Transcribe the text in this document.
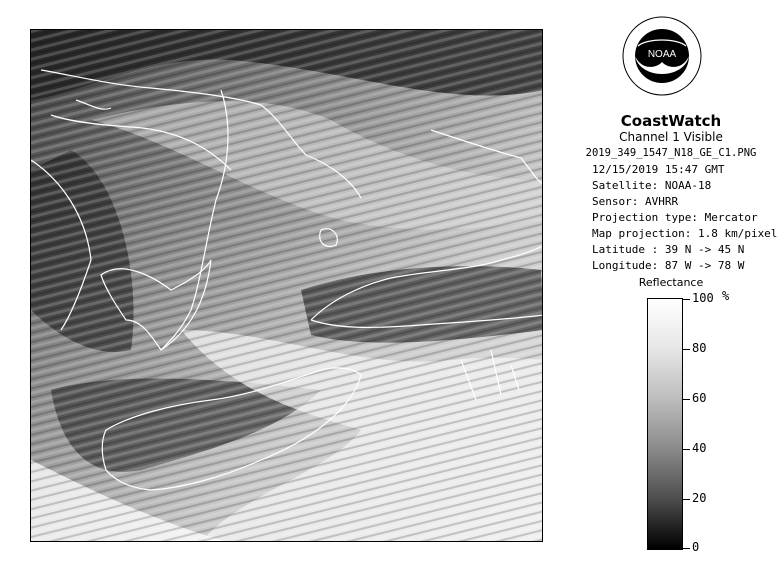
NOAA
CoastWatch
Channel 1 Visible
2019_349_1547_N18_GE_C1.PNG
12/15/2019 15:47 GMT
Satellite: NOAA-18
Sensor: AVHRR
Projection type: Mercator
Map projection: 1.8 km/pixel
Latitude : 39 N -> 45 N
Longitude: 87 W -> 78 W
Reflectance
%
100
80
60
40
20
0
